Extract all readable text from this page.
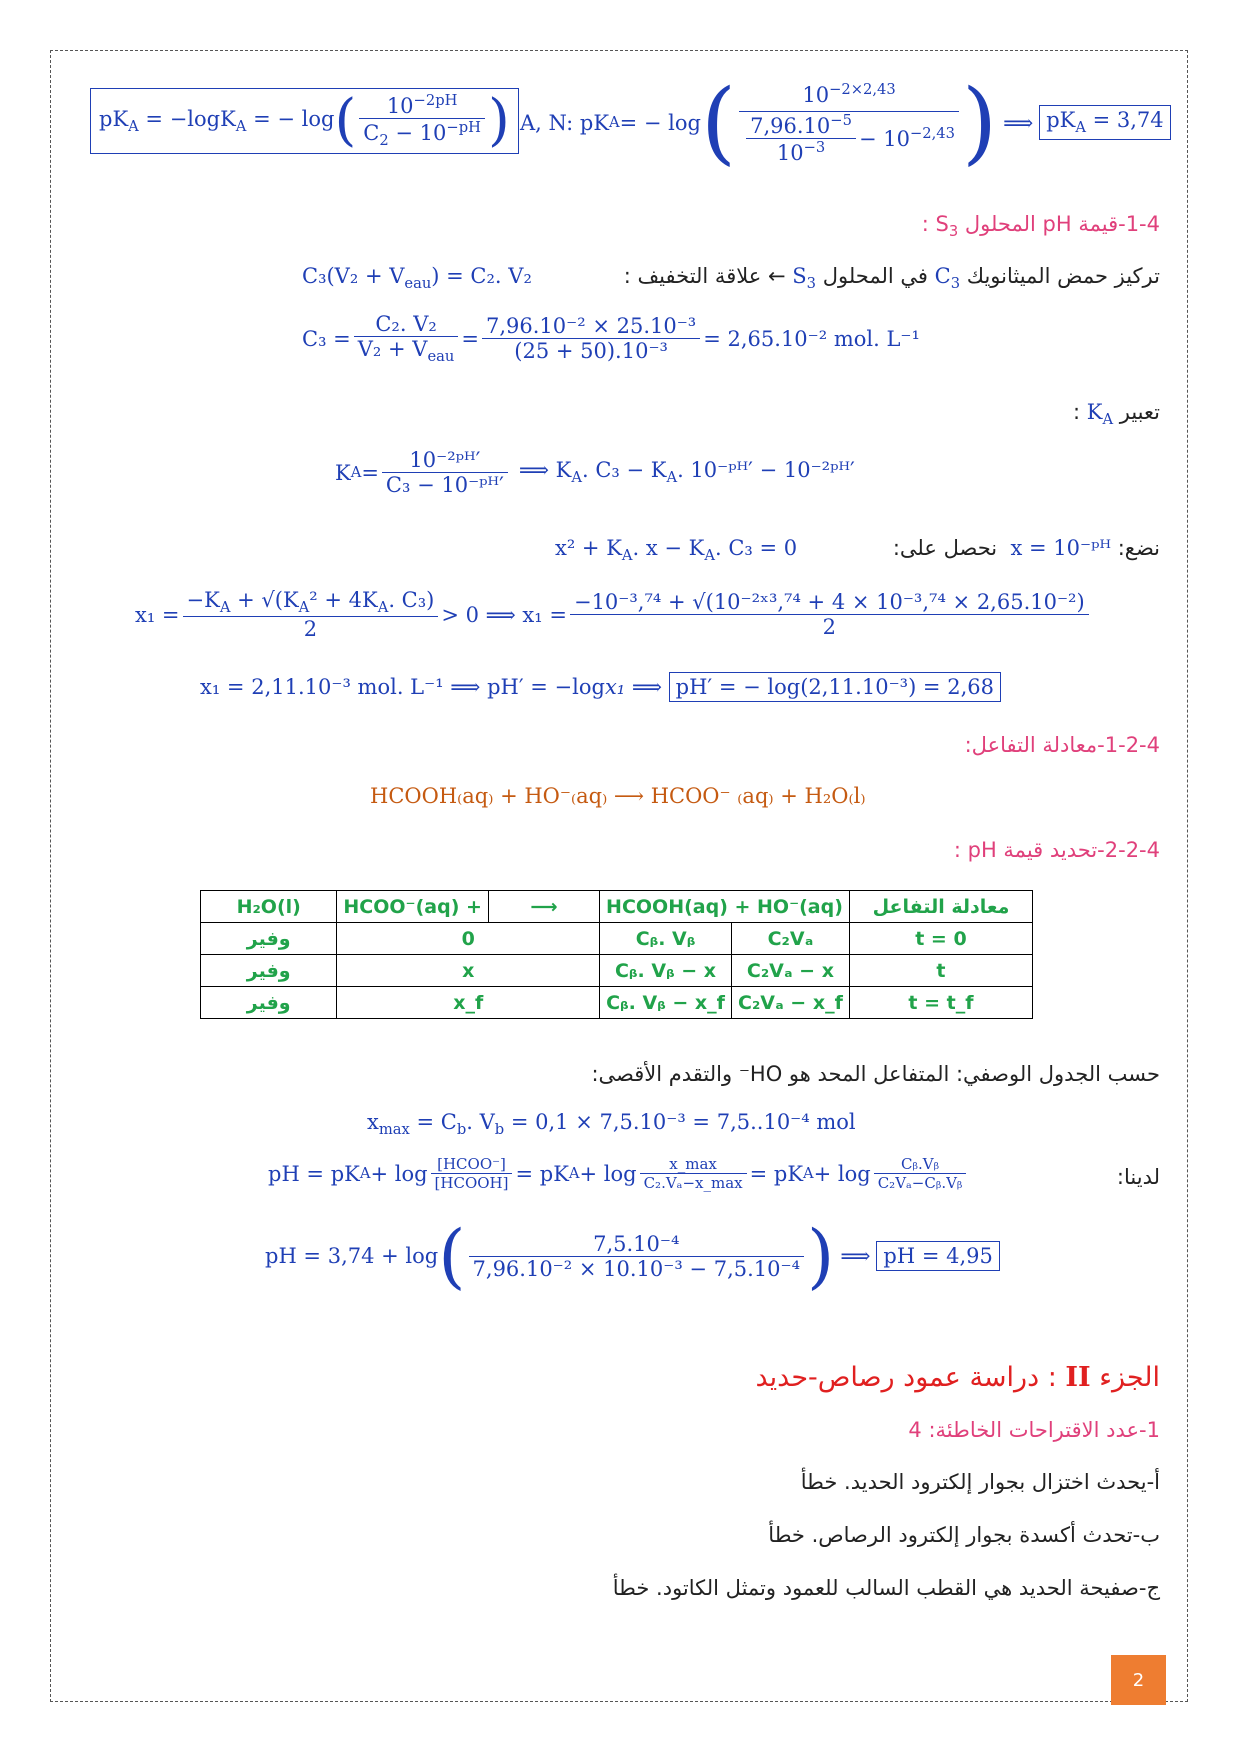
$pK_A = -\log K_A$ = − log ( $\frac{10^{-2pH}}{C_2 - 10^{-pH}}$ ) A, N: pK A = − log ( $\frac{10^{-2\times 2,43}}{\frac{7,96.10^{-5}}{10^{-3}} - 10^{-2,43}}$ ) ⟹ $pK_A = 3,74$
1-4-قيمة pH المحلول $S_3$ :
تركيز حمض الميثانويك $C_3$ في المحلول $S_3$ ← علاقة التخفيف :
$C_3(V_2 + V_{eau}) = C_2$. V₂
$C_3 = \frac{\text{C₂. V₂}}{V_2 + V_{eau}} = \frac{\text{7,96.10⁻² × 25.10⁻³}}{\text{(25 + 50).10⁻³}} = 2,65.10^{-2}$ mol. L⁻¹
تعبير $K_A$ :
K $A = \frac{\text{10⁻²ᵖᴴ′}}{\text{C₃ − 10⁻ᵖᴴ′}}$ ⟹ $K_A$. $C_3 - K_A$. 10⁻ᵖᴴ′ − 10⁻²ᵖᴴ′
نضع: x = 10⁻ᵖᴴ  نحصل على:
$x^2 + K_A$. $x - K_A$. C₃ = 0
$x_1 = \frac{-K_A + √(K_A^2 + 4K_A. C_3)}{2} > 0$ ⟹ $x_1 = \frac{\text{−10⁻³,⁷⁴ + √(10⁻²ˣ³,⁷⁴ + 4 × 10⁻³,⁷⁴ × 2,65.10⁻²)}}{2}$
x₁ = 2,11.10⁻³ mol. L⁻¹ ⟹ pH′ = −logx₁ ⟹ pH′ = − log(2,11.10⁻³) = 2,68
1-2-4-معادلة التفاعل:
HCOOH₍aq₎ + HO⁻₍aq₎ ⟶ HCOO⁻ ₍aq₎ + H₂O₍l₎
2-2-4-تحديد قيمة pH :
H₂O(l)	HCOO⁻(aq) +	⟶	HCOOH(aq) + HO⁻(aq)		معادلة التفاعل
وفير	0		Cᵦ. Vᵦ	C₂Vₐ	t = 0
وفير	x		Cᵦ. Vᵦ − x	C₂Vₐ − x	t
وفير	x_f		Cᵦ. Vᵦ − x_f	C₂Vₐ − x_f	t = t_f
حسب الجدول الوصفي: المتفاعل المحد هو HO⁻ والتقدم الأقصى:
$x_{max} = C_b$. $V_b = 0,1 \times 7,5.10^{-3} = 7,5..10^{-4}$ mol
لدينا:
pH = pK $A + \log \frac{\text{[HCOO⁻]}}{\text{[HCOOH]}}$ = pK $A + \log \frac{x\_\max}{\text{C₂.Vₐ−x\_max}}$ = pK $A + \log \frac{\text{Cᵦ.Vᵦ}}{\text{C₂Vₐ−Cᵦ.Vᵦ}}$
pH = 3,74 + log ( $\frac{\text{7,5.10⁻⁴}}{\text{7,96.10⁻² × 10.10⁻³ − 7,5.10⁻⁴}}$ ) ⟹ pH = 4,95
الجزء II : دراسة عمود رصاص-حديد
1-عدد الاقتراحات الخاطئة: 4
أ-يحدث اختزال بجوار إلكترود الحديد. خطأ
ب-تحدث أكسدة بجوار إلكترود الرصاص. خطأ
ج-صفيحة الحديد هي القطب السالب للعمود وتمثل الكاتود. خطأ
2
